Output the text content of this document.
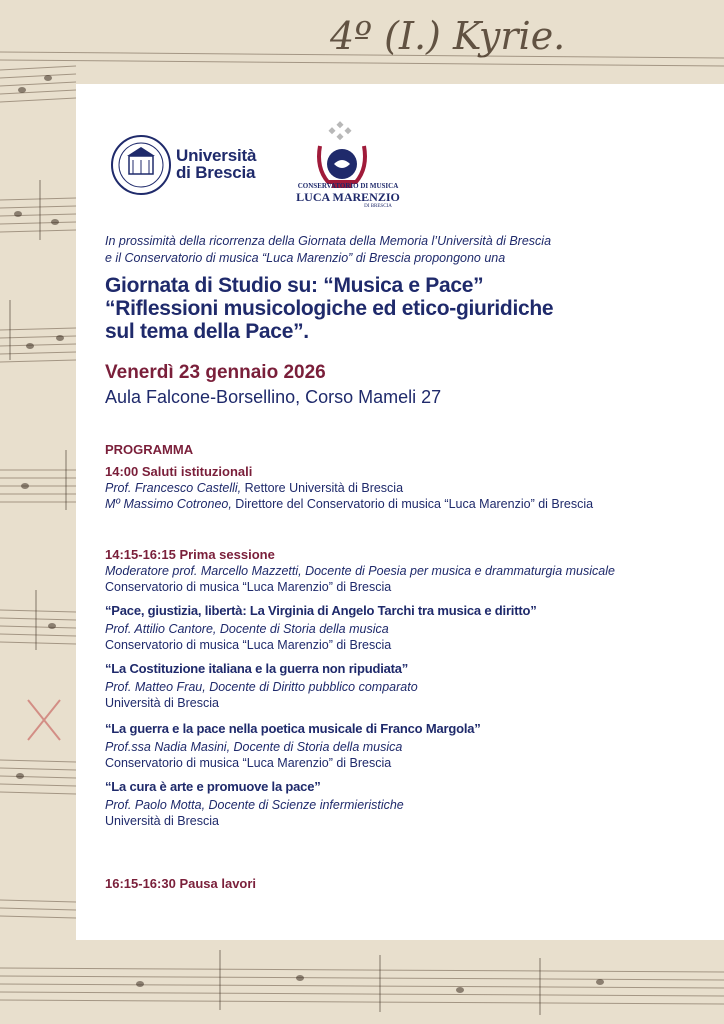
4º (I.) Kyrie.
Università
di Brescia
CONSERVATORIO DI MUSICA
LUCA MARENZIO
DI BRESCIA
In prossimità della ricorrenza della Giornata della Memoria l’Università di Brescia
e il Conservatorio di musica “Luca Marenzio” di Brescia propongono una
Giornata di Studio su: “Musica e Pace”
“Riflessioni musicologiche ed etico-giuridiche
sul tema della Pace”.
Venerdì 23 gennaio 2026
Aula Falcone-Borsellino, Corso Mameli 27
PROGRAMMA
14:00 Saluti istituzionali
Prof. Francesco Castelli, Rettore Università di Brescia
Mº Massimo Cotroneo, Direttore del Conservatorio di musica “Luca Marenzio” di Brescia
14:15-16:15 Prima sessione
Moderatore prof. Marcello Mazzetti, Docente di Poesia per musica e drammaturgia musicale
Conservatorio di musica “Luca Marenzio” di Brescia
“Pace, giustizia, libertà: La Virginia di Angelo Tarchi tra musica e diritto”
Prof. Attilio Cantore, Docente di Storia della musica
Conservatorio di musica “Luca Marenzio” di Brescia
“La Costituzione italiana e la guerra non ripudiata”
Prof. Matteo Frau, Docente di Diritto pubblico comparato
Università di Brescia
“La guerra e la pace nella poetica musicale di Franco Margola”
Prof.ssa Nadia Masini, Docente di Storia della musica
Conservatorio di musica “Luca Marenzio” di Brescia
“La cura è arte e promuove la pace”
Prof. Paolo Motta, Docente di Scienze infermieristiche
Università di Brescia
16:15-16:30 Pausa lavori
